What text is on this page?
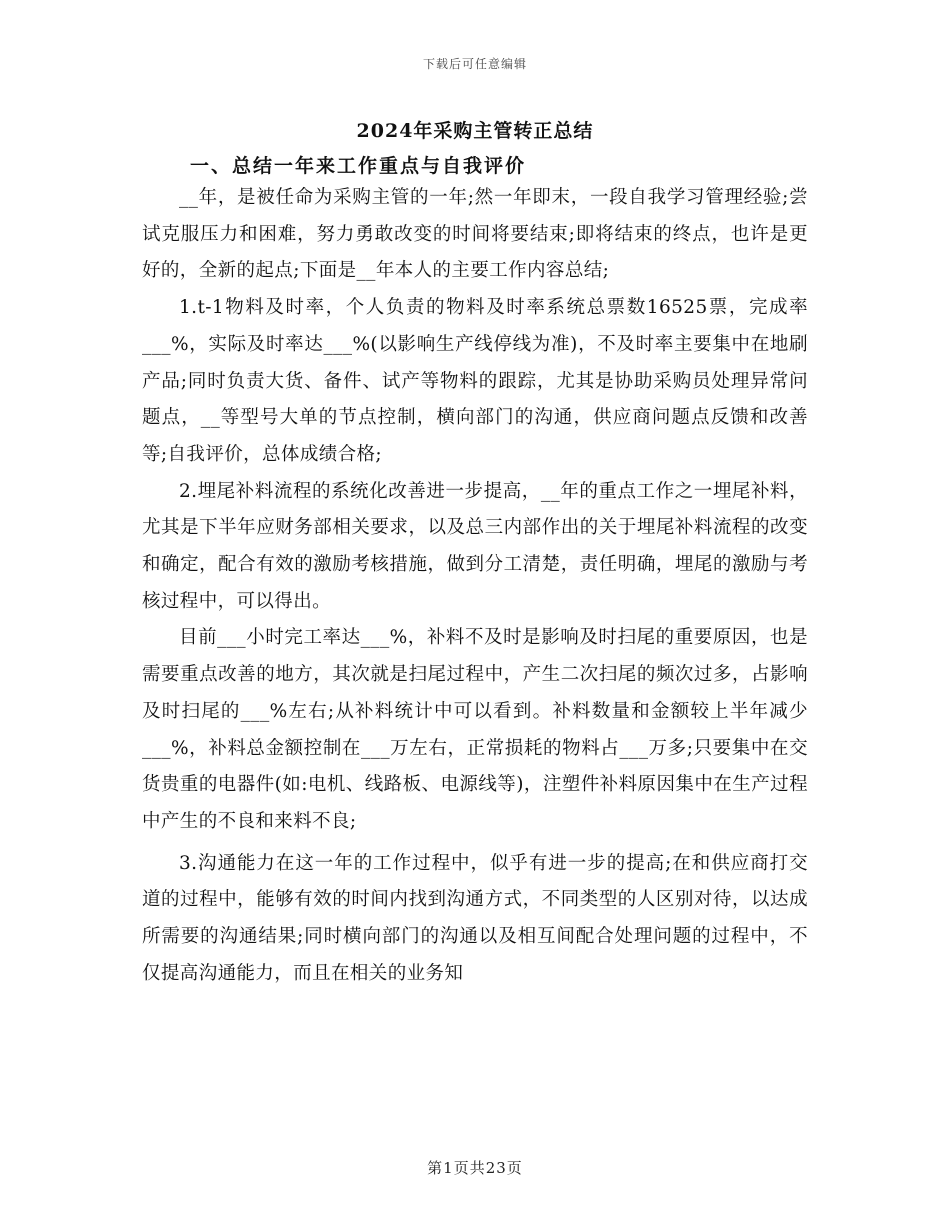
下载后可任意编辑
2024年采购主管转正总结
一、总结一年来工作重点与自我评价

__年，是被任命为采购主管的一年;然一年即末，一段自我学习管理经验;尝试克服压力和困难，努力勇敢改变的时间将要结束;即将结束的终点，也许是更好的，全新的起点;下面是__年本人的主要工作内容总结;

1.t-1物料及时率，个人负责的物料及时率系统总票数16525票，完成率___%，实际及时率达___%(以影响生产线停线为准)，不及时率主要集中在地刷产品;同时负责大货、备件、试产等物料的跟踪，尤其是协助采购员处理异常问题点，__等型号大单的节点控制，横向部门的沟通，供应商问题点反馈和改善等;自我评价，总体成绩合格;

2.埋尾补料流程的系统化改善进一步提高，__年的重点工作之一埋尾补料，尤其是下半年应财务部相关要求，以及总三内部作出的关于埋尾补料流程的改变和确定，配合有效的激励考核措施，做到分工清楚，责任明确，埋尾的激励与考核过程中，可以得出。

目前___小时完工率达___%，补料不及时是影响及时扫尾的重要原因，也是需要重点改善的地方，其次就是扫尾过程中，产生二次扫尾的频次过多，占影响及时扫尾的___%左右;从补料统计中可以看到。补料数量和金额较上半年减少___%，补料总金额控制在___万左右，正常损耗的物料占___万多;只要集中在交货贵重的电器件(如:电机、线路板、电源线等)，注塑件补料原因集中在生产过程中产生的不良和来料不良;

3.沟通能力在这一年的工作过程中，似乎有进一步的提高;在和供应商打交道的过程中，能够有效的时间内找到沟通方式，不同类型的人区别对待，以达成所需要的沟通结果;同时横向部门的沟通以及相互间配合处理问题的过程中，不仅提高沟通能力，而且在相关的业务知

第1页共23页
